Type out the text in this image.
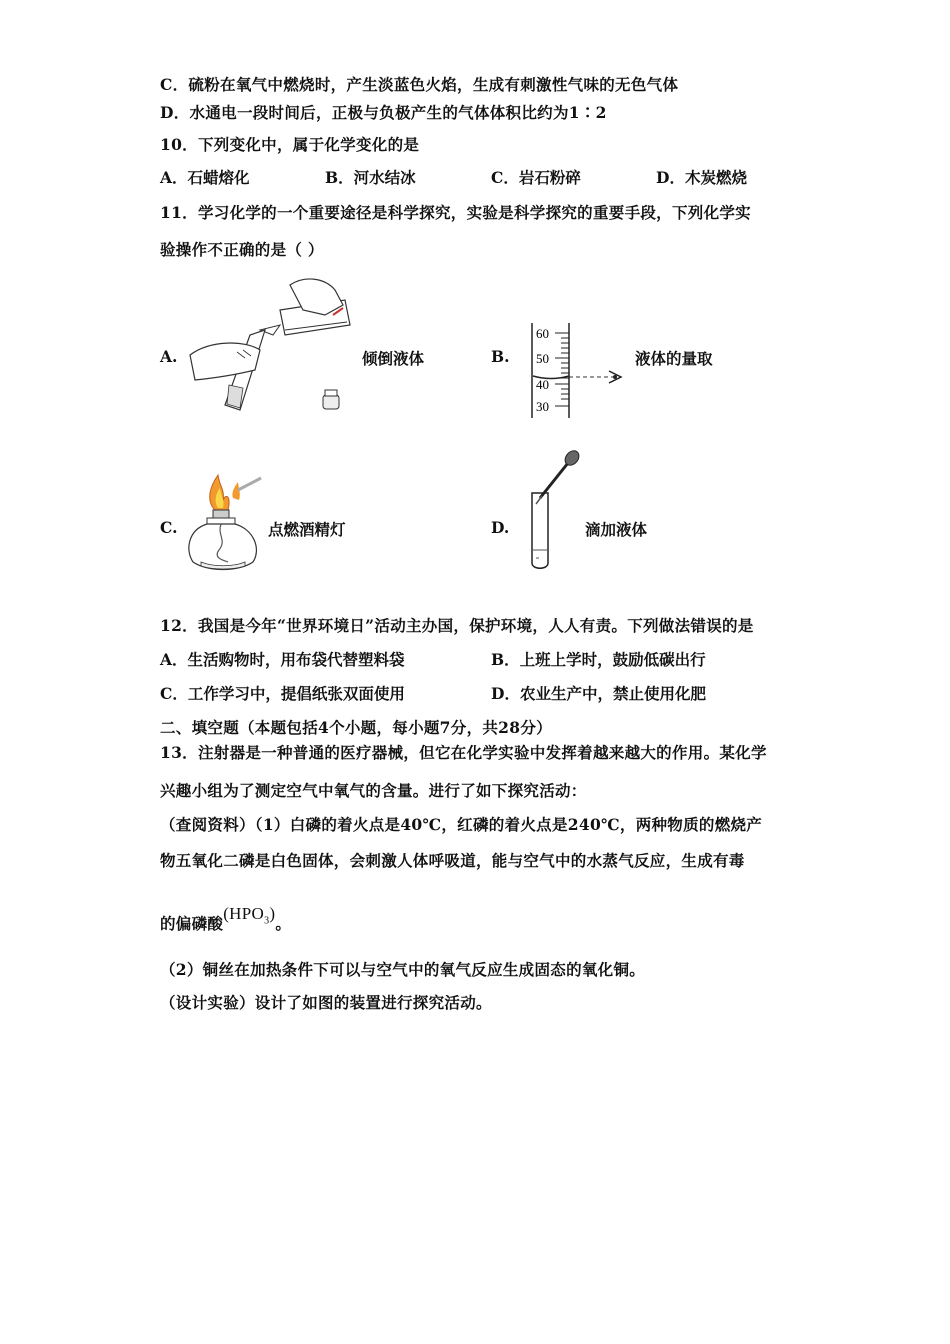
C．硫粉在氧气中燃烧时，产生淡蓝色火焰，生成有刺激性气味的无色气体
D．水通电一段时间后，正极与负极产生的气体体积比约为1∶2
10．下列变化中，属于化学变化的是
A．石蜡熔化	B．河水结冰	C．岩石粉碎	D．木炭燃烧
11．学习化学的一个重要途径是科学探究，实验是科学探究的重要手段，下列化学实
验操作不正确的是（ ）
A.	倾倒液体	B.
60
50
40
30
液体的量取
C.	点燃酒精灯	D.	滴加液体
12．我国是今年“世界环境日”活动主办国，保护环境，人人有责。下列做法错误的是
A．生活购物时，用布袋代替塑料袋	B．上班上学时，鼓励低碳出行
C．工作学习中，提倡纸张双面使用	D．农业生产中，禁止使用化肥
二、填空题（本题包括4个小题，每小题7分，共28分）
13．注射器是一种普通的医疗器械，但它在化学实验中发挥着越来越大的作用。某化学
兴趣小组为了测定空气中氧气的含量。进行了如下探究活动：
（查阅资料）（1）白磷的着火点是40℃，红磷的着火点是240℃，两种物质的燃烧产
物五氧化二磷是白色固体，会刺激人体呼吸道，能与空气中的水蒸气反应，生成有毒
的偏磷酸$(HPO_3)$。
（2）铜丝在加热条件下可以与空气中的氧气反应生成固态的氧化铜。
（设计实验）设计了如图的装置进行探究活动。
